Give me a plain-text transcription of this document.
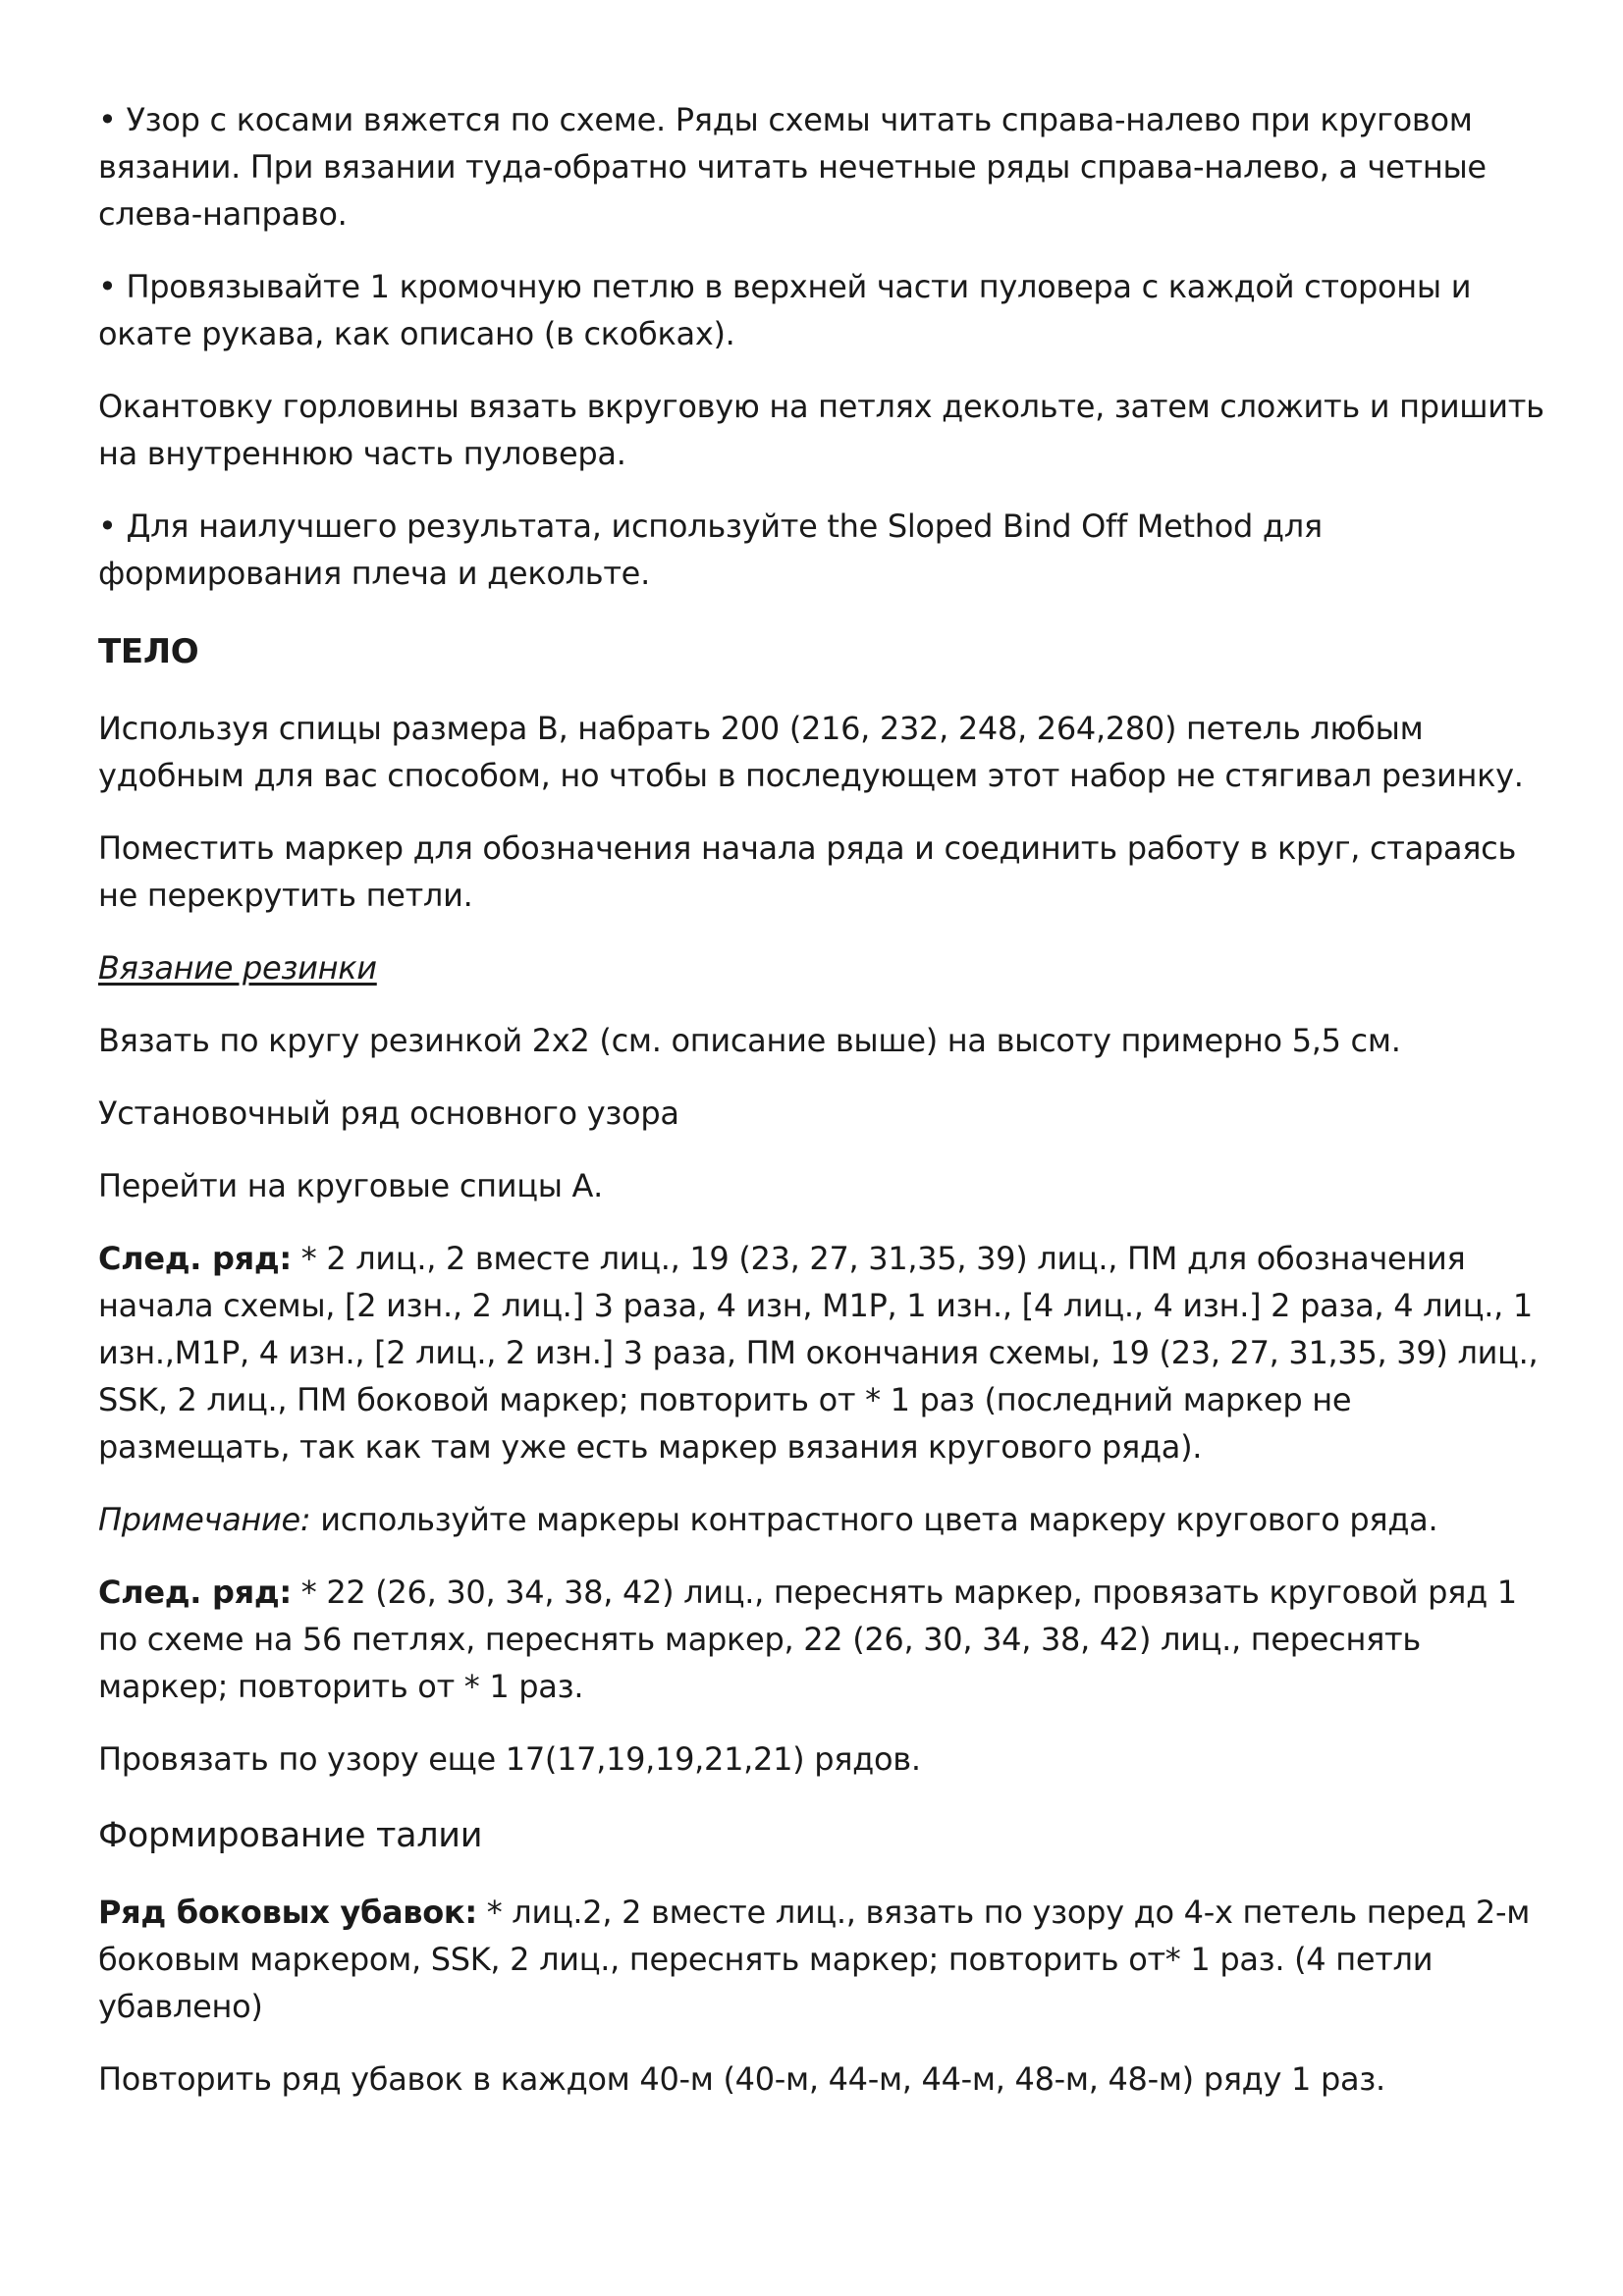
• Узор с косами вяжется по схеме. Ряды схемы читать справа-налево при круговом вязании. При вязании туда-обратно читать нечетные ряды справа-налево, а четные слева-направо.

• Провязывайте 1 кромочную петлю в верхней части пуловера с каждой стороны и окате рукава, как описано (в скобках).

Окантовку горловины вязать вкруговую на петлях декольте, затем сложить и пришить на внутреннюю часть пуловера.

• Для наилучшего результата, используйте the Sloped Bind Off Method для формирования плеча и декольте.

ТЕЛО

Используя спицы размера B, набрать 200 (216, 232, 248, 264,280) петель любым удобным для вас способом, но чтобы в последующем этот набор не стягивал резинку.

Поместить маркер для обозначения начала ряда и соединить работу в круг, стараясь не перекрутить петли.

Вязание резинки

Вязать по кругу резинкой 2х2 (см. описание выше) на высоту примерно 5,5 см.

Установочный ряд основного узора

Перейти на круговые спицы А.

След. ряд: * 2 лиц., 2 вместе лиц., 19 (23, 27, 31,35, 39) лиц., ПМ для обозначения начала схемы, [2 изн., 2 лиц.] 3 раза, 4 изн, M1P, 1 изн., [4 лиц., 4 изн.] 2 раза, 4 лиц., 1 изн.,M1P, 4 изн., [2 лиц., 2 изн.] 3 раза, ПМ окончания схемы, 19 (23, 27, 31,35, 39) лиц., SSK, 2 лиц., ПМ боковой маркер; повторить от * 1 раз (последний маркер не размещать, так как там уже есть маркер вязания кругового ряда).

Примечание: используйте маркеры контрастного цвета маркеру кругового ряда.

След. ряд: * 22 (26, 30, 34, 38, 42) лиц., переснять маркер, провязать круговой ряд 1 по схеме на 56 петлях, переснять маркер, 22 (26, 30, 34, 38, 42) лиц., переснять маркер; повторить от * 1 раз.

Провязать по узору еще 17(17,19,19,21,21) рядов.

Формирование талии

Ряд боковых убавок: * лиц.2, 2 вместе лиц., вязать по узору до 4-х петель перед 2-м боковым маркером, SSK, 2 лиц., переснять маркер; повторить от* 1 раз. (4 петли убавлено)

Повторить ряд убавок в каждом 40-м (40-м, 44-м, 44-м, 48-м, 48-м) ряду 1 раз.
